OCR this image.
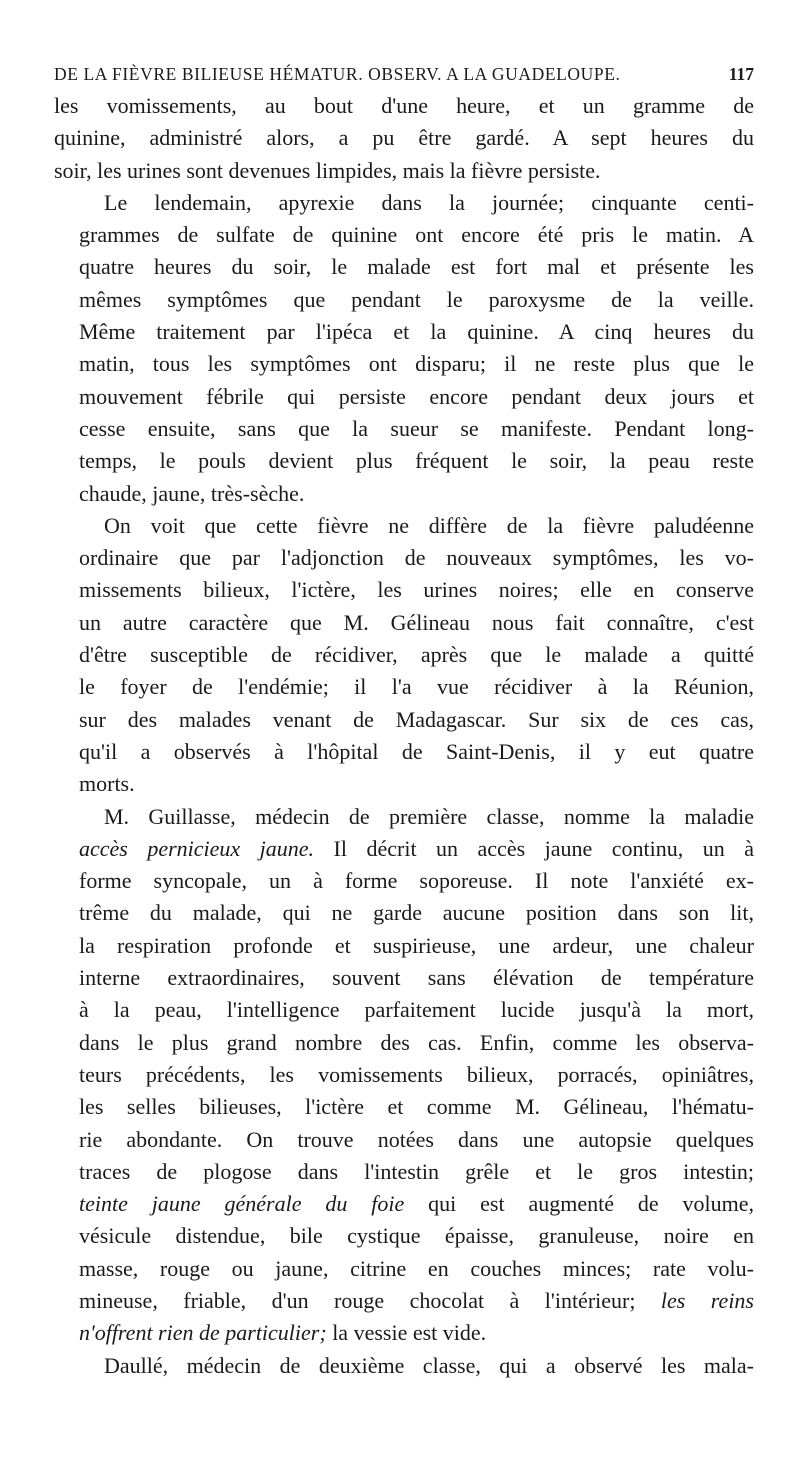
DE LA FIÈVRE BILIEUSE HÉMATUR. OBSERV. A LA GUADELOUPE.	117

les vomissements, au bout d'une heure, et un gramme de
quinine, administré alors, a pu être gardé. A sept heures du
soir, les urines sont devenues limpides, mais la fièvre persiste.

Le lendemain, apyrexie dans la journée; cinquante centi-
grammes de sulfate de quinine ont encore été pris le matin. A
quatre heures du soir, le malade est fort mal et présente les
mêmes symptômes que pendant le paroxysme de la veille.
Même traitement par l'ipéca et la quinine. A cinq heures du
matin, tous les symptômes ont disparu; il ne reste plus que le
mouvement fébrile qui persiste encore pendant deux jours et
cesse ensuite, sans que la sueur se manifeste. Pendant long-
temps, le pouls devient plus fréquent le soir, la peau reste
chaude, jaune, très-sèche.

On voit que cette fièvre ne diffère de la fièvre paludéenne
ordinaire que par l'adjonction de nouveaux symptômes, les vo-
missements bilieux, l'ictère, les urines noires; elle en conserve
un autre caractère que M. Gélineau nous fait connaître, c'est
d'être susceptible de récidiver, après que le malade a quitté
le foyer de l'endémie; il l'a vue récidiver à la Réunion,
sur des malades venant de Madagascar. Sur six de ces cas,
qu'il a observés à l'hôpital de Saint-Denis, il y eut quatre
morts.

M. Guillasse, médecin de première classe, nomme la maladie
accès pernicieux jaune. Il décrit un accès jaune continu, un à
forme syncopale, un à forme soporeuse. Il note l'anxiété ex-
trême du malade, qui ne garde aucune position dans son lit,
la respiration profonde et suspirieuse, une ardeur, une chaleur
interne extraordinaires, souvent sans élévation de température
à la peau, l'intelligence parfaitement lucide jusqu'à la mort,
dans le plus grand nombre des cas. Enfin, comme les observa-
teurs précédents, les vomissements bilieux, porracés, opiniâtres,
les selles bilieuses, l'ictère et comme M. Gélineau, l'hématu-
rie abondante. On trouve notées dans une autopsie quelques
traces de plogose dans l'intestin grêle et le gros intestin;
teinte jaune générale du foie qui est augmenté de volume,
vésicule distendue, bile cystique épaisse, granuleuse, noire en
masse, rouge ou jaune, citrine en couches minces; rate volu-
mineuse, friable, d'un rouge chocolat à l'intérieur; les reins
n'offrent rien de particulier; la vessie est vide.

Daullé, médecin de deuxième classe, qui a observé les mala-
